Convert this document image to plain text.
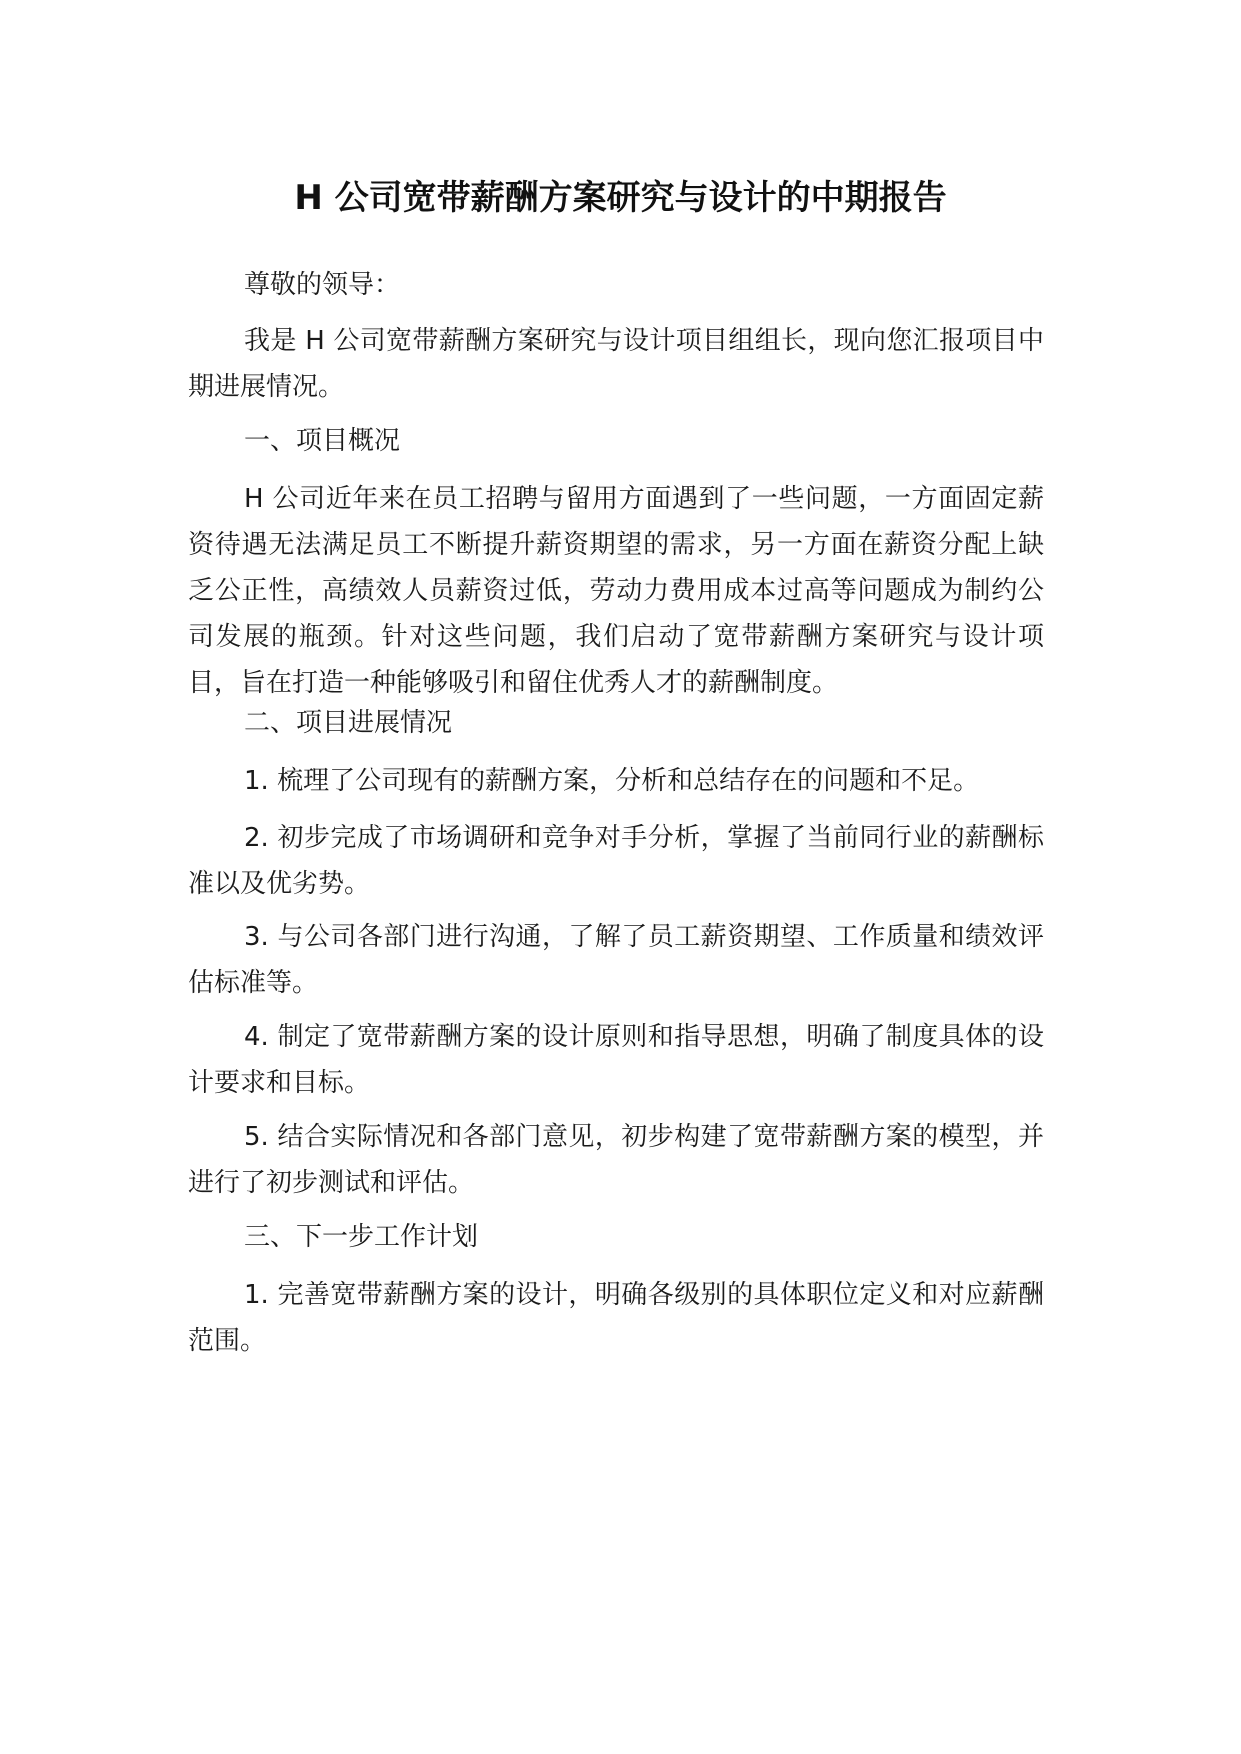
H 公司宽带薪酬方案研究与设计的中期报告

尊敬的领导：

我是 H 公司宽带薪酬方案研究与设计项目组组长，现向您汇报项目中期进展情况。

一、项目概况

H 公司近年来在员工招聘与留用方面遇到了一些问题，一方面固定薪资待遇无法满足员工不断提升薪资期望的需求，另一方面在薪资分配上缺乏公正性，高绩效人员薪资过低，劳动力费用成本过高等问题成为制约公司发展的瓶颈。针对这些问题，我们启动了宽带薪酬方案研究与设计项目，旨在打造一种能够吸引和留住优秀人才的薪酬制度。

二、项目进展情况

1. 梳理了公司现有的薪酬方案，分析和总结存在的问题和不足。

2. 初步完成了市场调研和竞争对手分析，掌握了当前同行业的薪酬标准以及优劣势。

3. 与公司各部门进行沟通，了解了员工薪资期望、工作质量和绩效评估标准等。

4. 制定了宽带薪酬方案的设计原则和指导思想，明确了制度具体的设计要求和目标。

5. 结合实际情况和各部门意见，初步构建了宽带薪酬方案的模型，并进行了初步测试和评估。

三、下一步工作计划

1. 完善宽带薪酬方案的设计，明确各级别的具体职位定义和对应薪酬范围。
